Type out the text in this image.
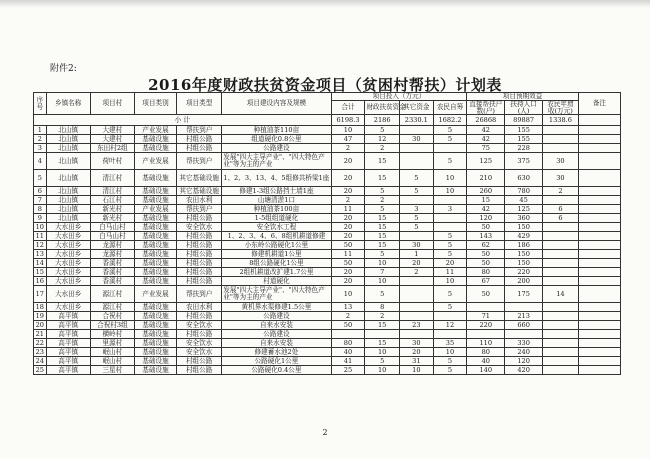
附件2:
2016年度财政扶贫资金项目（贫困村帮扶）计划表
序号	乡镇名称	项目村	项目类别	项目类型	项目建设内容及规模	项目投入（万元）				项目预期效益			备注
						合计	财政扶贫资金	其它资金	农民自筹	直接帮扶户数(户)	扶持人口(人)	农民年增收(万元)	
小 计						6198.3	2186	2330.1	1682.2	26868	89887	1338.6	
1	北山镇	大建村	产业发展	帮扶到户	种植油茶110亩	10	5		5	42	155		
2	北山镇	大建村	基础设施	村组公路	组道硬化0.8公里	47	12	30	5	42	155		
3	北山镇	东田村2组	基础设施	村组公路	公路建设	2	2			75	228		
4	北山镇	荷叶村	产业发展	帮扶到户	发展"四大主导产业"、"四大特色产业"等为主的产业	20	15		5	125	375	30	
5	北山镇	清江村	基础设施	其它基础设施	1、2、3、13、4、5组修共桥梁1座	20	15	5	10	210	630	30	
6	北山镇	清江村	基础设施	其它基础设施	修建1-3组公路挡土墙1座	20	5	5	10	260	780	2	
7	北山镇	石江村	基础设施	农田水利	山塘清淤1口	2	2			15	45		
8	北山镇	新光村	产业发展	帮扶到户	种植油茶100亩	11	5	3	3	42	125	6	
9	北山镇	新光村	基础设施	村组公路	1-5组组道硬化	20	15	5		120	360	6	
10	大水田乡	白马山村	基础设施	安全饮水	安全饮水工程	20	15	5		50	150		
11	大水田乡	白马山村	基础设施	村组公路	1、2、3、4、6、8组机耕道修建	20	15		5	143	429		
12	大水田乡	龙源村	基础设施	村组公路	小东岭公路硬化1公里	50	15	30	5	62	186		
13	大水田乡	龙源村	基础设施	村组公路	修建机耕道1公里	11	5	1	5	50	150		
14	大水田乡	香溪村	基础设施	村组公路	8组公路硬化1公里	50	10	20	20	50	150		
15	大水田乡	香溪村	基础设施	村组公路	2组机耕道改扩建1.7公里	20	7	2	11	80	220		
16	大水田乡	香溪村	基础设施	村组公路	村道硬化	20	10		10	67	200		
17	大水田乡	源江村	产业发展	帮扶到户	发展"四大主导产业"、"四大特色产业"等为主的产业	10	5		5	50	175	14	
18	大水田乡	源江村	基础设施	农田水利	黄机界水渠修建1.5公里	13	8		5				
19	高平镇	合祝村	基础设施	村组公路	公路建设	2	2			71	213		
20	高平镇	合祝村3组	基础设施	安全饮水	自来水安装	50	15	23	12	220	660		
21	高平镇	横岭村	基础设施	村组公路	公路建设								
22	高平镇	里源村	基础设施	安全饮水	自来水安装	80	15	30	35	110	330		
23	高平镇	岷山村	基础设施	安全饮水	修建蓄水池2处	40	10	20	10	80	240		
24	高平镇	岷山村	基础设施	村组公路	公路硬化1公里	41	5	31	5	40	120		
25	高平镇	三星村	基础设施	村组公路	公路硬化0.4公里	25	10	10	5	140	420		
2
